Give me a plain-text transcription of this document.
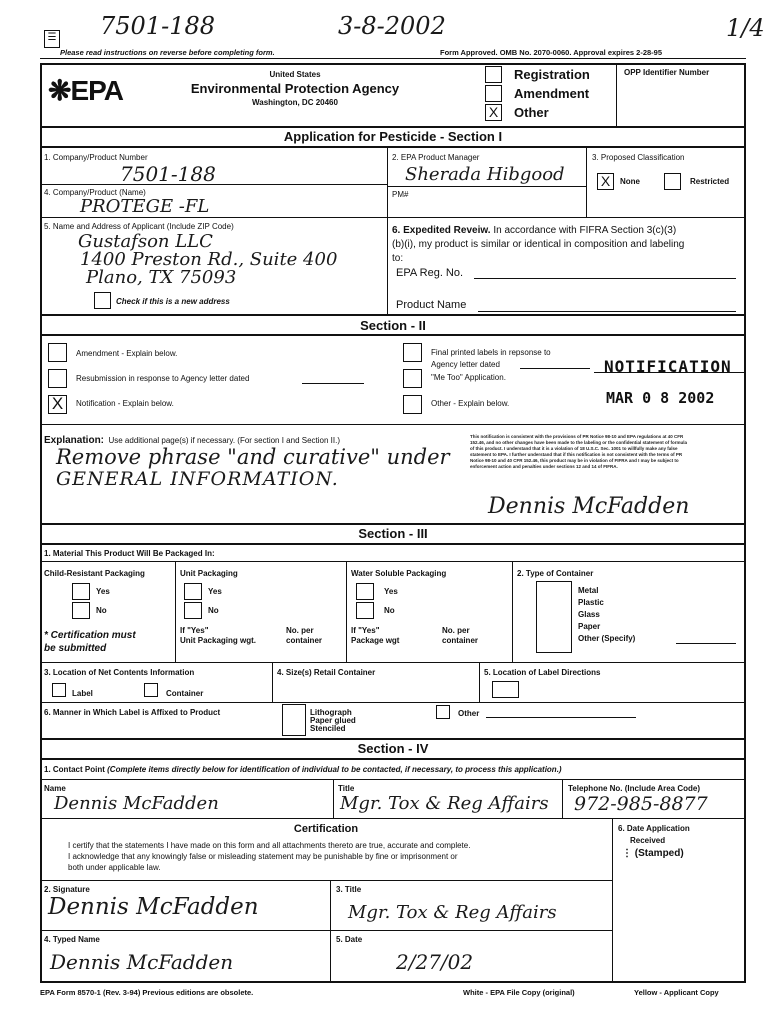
7501-188	3-8-2002	1/4
☰
Please read instructions on reverse before completing form.	Form Approved. OMB No. 2070-0060. Approval expires 2-28-95
❋EPA
United States
Environmental Protection Agency
Washington, DC 20460
Registration
Amendment
X Other
OPP Identifier Number
Application for Pesticide - Section I
1. Company/Product Number
7501-188
2. EPA Product Manager
Sherada Hibgood
3. Proposed Classification
X	None	Restricted
4. Company/Product (Name)
PROTEGE -FL
PM#
5. Name and Address of Applicant (Include ZIP Code)
Gustafson LLC
1400 Preston Rd., Suite 400
Plano, TX 75093
Check if this is a new address
6. Expedited Reveiw. In accordance with FIFRA Section 3(c)(3)
(b)(i), my product is similar or identical in composition and labeling
to:
EPA Reg. No.
Product Name
Section - II
Amendment - Explain below.
Resubmission in response to Agency letter dated
X	Notification - Explain below.
Final printed labels in repsonse to
Agency letter dated
"Me Too" Application.
Other - Explain below.
NOTIFICATION
MAR 0 8 2002
Explanation: Use additional page(s) if necessary. (For section I and Section II.)
Remove phrase "and curative" under
GENERAL INFORMATION.
This notification is consistent with the provisions of PR Notice 98-10 and EPA regulations at 40 CFR 152.46, and no other changes have been made to the labeling or the confidential statement of formula of this product. I understand that it is a violation of 18 U.S.C. Sec. 1001 to willfully make any false statement to EPA. I further understand that if this notification is not consistent with the terms of PR Notice 98-10 and 40 CFR 152.46, this product may be in violation of FIFRA and I may be subject to enforcement action and penalties under sections 12 and 14 of FIFRA.
Dennis McFadden
Section - III
1. Material This Product Will Be Packaged In:
Child-Resistant Packaging
Yes
No
* Certification must
be submitted
Unit Packaging
Yes
No
If "Yes"
Unit Packaging wgt.
No. per
container
Water Soluble Packaging
Yes
No
If "Yes"
Package wgt
No. per
container
2. Type of Container
Metal
Plastic
Glass
Paper
Other (Specify)
3. Location of Net Contents Information
Label	Container
4. Size(s) Retail Container	5. Location of Label Directions
6. Manner in Which Label is Affixed to Product	Lithograph
Paper glued
Stenciled
Other
Section - IV
1. Contact Point (Complete items directly below for identification of individual to be contacted, if necessary, to process this application.)
Name
Dennis McFadden
Title
Mgr. Tox & Reg Affairs
Telephone No. (Include Area Code)
972-985-8877
Certification
I certify that the statements I have made on this form and all attachments thereto are true, accurate and complete.
I acknowledge that any knowingly false or misleading statement may be punishable by fine or imprisonment or
both under applicable law.
6. Date Application
Received
⋮ (Stamped)
2. Signature
Dennis McFadden
3. Title
Mgr. Tox & Reg Affairs
4. Typed Name
Dennis McFadden
5. Date
2/27/02
EPA Form 8570-1 (Rev. 3-94) Previous editions are obsolete.	White - EPA File Copy (original)	Yellow - Applicant Copy
